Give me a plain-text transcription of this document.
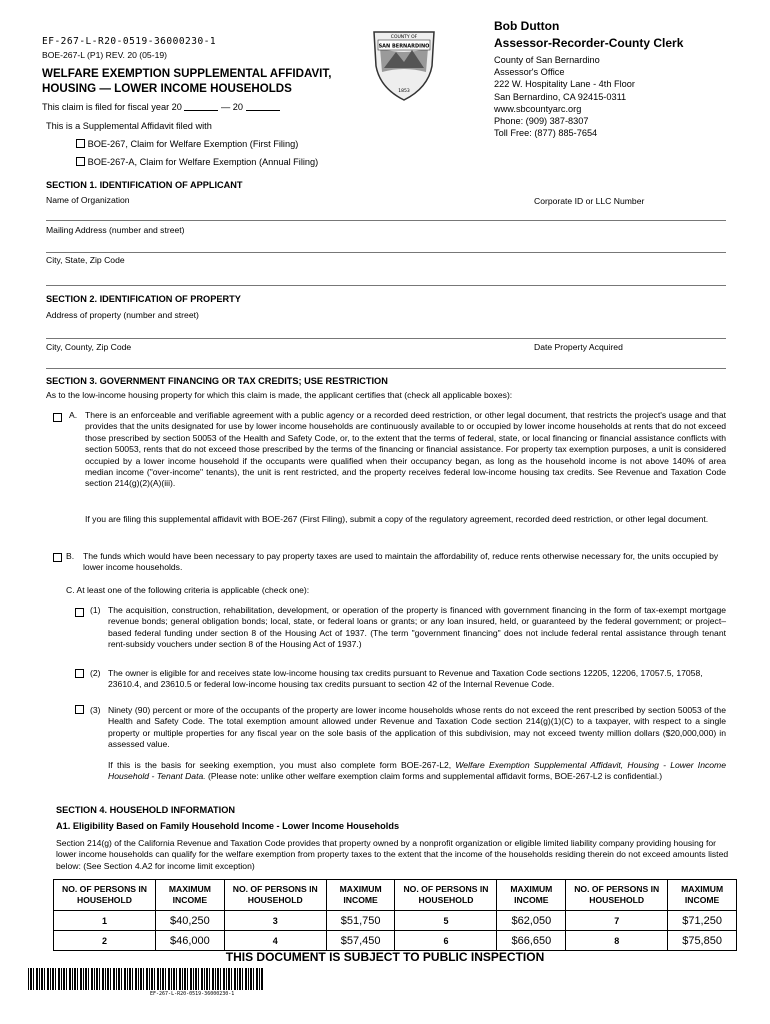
EF-267-L-R20-0519-36000230-1
BOE-267-L (P1) REV. 20 (05-19)
WELFARE EXEMPTION SUPPLEMENTAL AFFIDAVIT,
HOUSING — LOWER INCOME HOUSEHOLDS
This claim is filed for fiscal year 20	— 20
This is a Supplemental Affidavit filed with
BOE-267, Claim for Welfare Exemption (First Filing)
BOE-267-A, Claim for Welfare Exemption (Annual Filing)
COUNTY OF
SAN BERNARDINO
1853
Bob Dutton
Assessor-Recorder-County Clerk
County of San Bernardino
Assessor's Office
222 W. Hospitality Lane - 4th Floor
San Bernardino, CA 92415-0311
www.sbcountyarc.org
Phone: (909) 387-8307
Toll Free: (877) 885-7654
SECTION 1. IDENTIFICATION OF APPLICANT
Name of Organization	Corporate ID or LLC Number
Mailing Address (number and street)
City, State, Zip Code
SECTION 2. IDENTIFICATION OF PROPERTY
Address of property (number and street)
City, County, Zip Code	Date Property Acquired
SECTION 3. GOVERNMENT FINANCING OR TAX CREDITS; USE RESTRICTION
As to the low-income housing property for which this claim is made, the applicant certifies that (check all applicable boxes):
A. There is an enforceable and verifiable agreement with a public agency or a recorded deed restriction, or other legal document, that restricts the project's usage and that provides that the units designated for use by lower income households are continuously available to or occupied by lower income households at rents that do not exceed those prescribed by section 50053 of the Health and Safety Code, or, to the extent that the terms of federal, state, or local financing or financial assistance conflicts with section 50053, rents that do not exceed those prescribed by the terms of the financing or financial assistance. For property tax exemption purposes, a unit is considered occupied by a lower income household if the occupants were qualified when their occupancy began, as long as the household income is not above 140% of area median income ("over-income" tenants), the unit is rent restricted, and the property receives federal low-income housing tax credits. See Revenue and Taxation Code section 214(g)(2)(A)(iii).
If you are filing this supplemental affidavit with BOE-267 (First Filing), submit a copy of the regulatory agreement, recorded deed restriction, or other legal document.
B. The funds which would have been necessary to pay property taxes are used to maintain the affordability of, reduce rents otherwise necessary for, the units occupied by lower income households.
C. At least one of the following criteria is applicable (check one):
(1) The acquisition, construction, rehabilitation, development, or operation of the property is financed with government financing in the form of tax-exempt mortgage revenue bonds; general obligation bonds; local, state, or federal loans or grants; or any loan insured, held, or guaranteed by the federal government; or project–based federal funding under section 8 of the Housing Act of 1937. (The term "government financing" does not include federal rental assistance through tenant rent-subsidy vouchers under section 8 of the Housing Act of 1937.)
(2) The owner is eligible for and receives state low-income housing tax credits pursuant to Revenue and Taxation Code sections 12205, 12206, 17057.5, 17058, 23610.4, and 23610.5 or federal low-income housing tax credits pursuant to section 42 of the Internal Revenue Code.
(3) Ninety (90) percent or more of the occupants of the property are lower income households whose rents do not exceed the rent prescribed by section 50053 of the Health and Safety Code. The total exemption amount allowed under Revenue and Taxation Code section 214(g)(1)(C) to a taxpayer, with respect to a single property or multiple properties for any fiscal year on the sole basis of the application of this subdivision, may not exceed twenty million dollars ($20,000,000) in assessed value.
If this is the basis for seeking exemption, you must also complete form BOE-267-L2, Welfare Exemption Supplemental Affidavit, Housing - Lower Income Household - Tenant Data. (Please note: unlike other welfare exemption claim forms and supplemental affidavit forms, BOE-267-L2 is confidential.)
SECTION 4. HOUSEHOLD INFORMATION
A1. Eligibility Based on Family Household Income - Lower Income Households
Section 214(g) of the California Revenue and Taxation Code provides that property owned by a nonprofit organization or eligible limited liability company providing housing for lower income households can qualify for the welfare exemption from property taxes to the extent that the income of the households residing therein do not exceed amounts listed below: (See Section 4.A2 for income limit exception)
NO. OF PERSONS IN HOUSEHOLD	MAXIMUM INCOME	NO. OF PERSONS IN HOUSEHOLD	MAXIMUM INCOME	NO. OF PERSONS IN HOUSEHOLD	MAXIMUM INCOME	NO. OF PERSONS IN HOUSEHOLD	MAXIMUM INCOME
1	$40,250	3	$51,750	5	$62,050	7	$71,250
2	$46,000	4	$57,450	6	$66,650	8	$75,850
THIS DOCUMENT IS SUBJECT TO PUBLIC INSPECTION
EF-267-L-R20-0519-36000230-1
